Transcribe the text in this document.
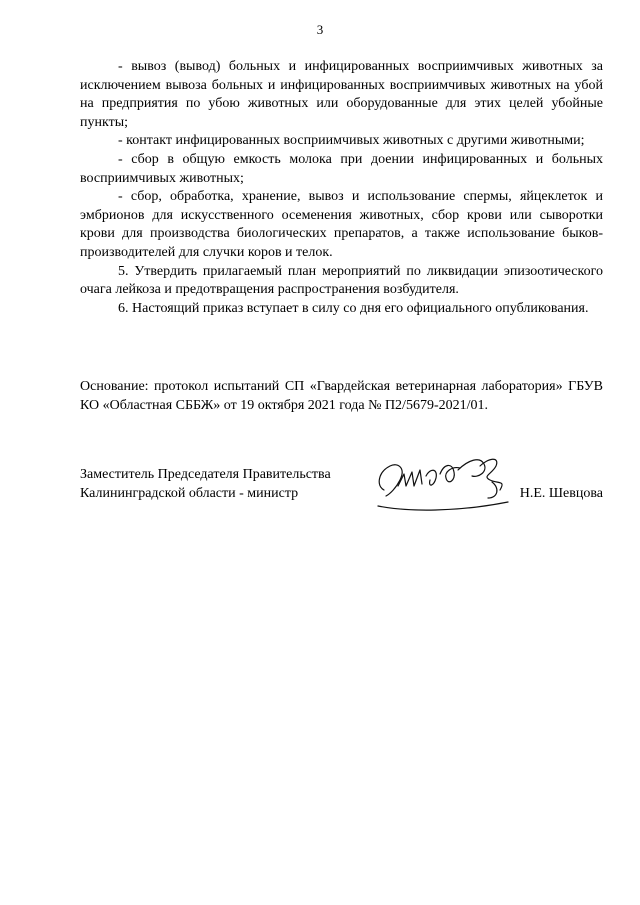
3

- вывоз (вывод) больных и инфицированных восприимчивых животных за исключением вывоза больных и инфицированных восприимчивых животных на убой на предприятия по убою животных или оборудованные для этих целей убойные пункты;

- контакт инфицированных восприимчивых животных с другими животными;

- сбор в общую емкость молока при доении инфицированных и больных восприимчивых животных;

- сбор, обработка, хранение, вывоз и использование спермы, яйцеклеток и эмбрионов для искусственного осеменения животных, сбор крови или сыворотки крови для производства биологических препаратов, а также использование быков-производителей для случки коров и телок.

5. Утвердить прилагаемый план мероприятий по ликвидации эпизоотического очага лейкоза и предотвращения распространения возбудителя.

6. Настоящий приказ вступает в силу со дня его официального опубликования.

Основание: протокол испытаний СП «Гвардейская ветеринарная лаборатория» ГБУВ КО «Областная СББЖ» от 19 октября 2021 года № П2/5679-2021/01.
Заместитель Председателя Правительства
Калининградской области - министр	Н.Е. Шевцова
